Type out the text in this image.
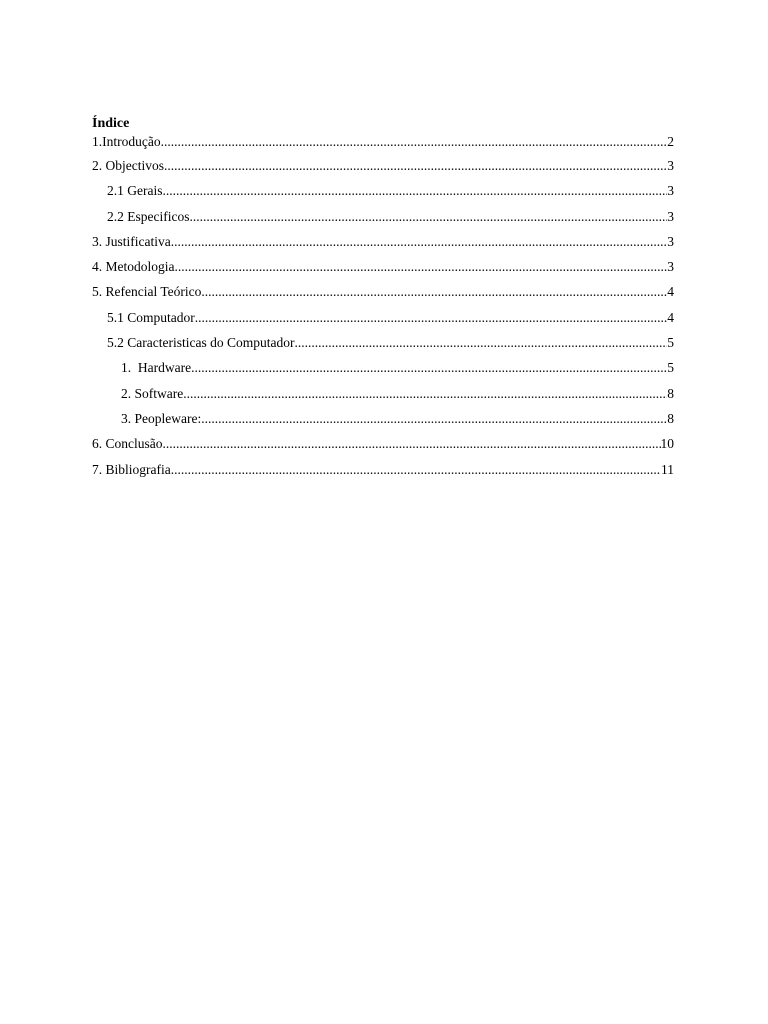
Índice
1.Introdução .....	2
2. Objectivos .....	3
2.1 Gerais .....	3
2.2 Especificos .....	3
3. Justificativa .....	3
4. Metodologia .....	3
5. Refencial Teórico .....	4
5.1 Computador .....	4
5.2 Caracteristicas do Computador .....	5
1.  Hardware .....	5
2. Software .....	8
3. Peopleware: .....	8
6. Conclusão .....	10
7. Bibliografia .....	11
